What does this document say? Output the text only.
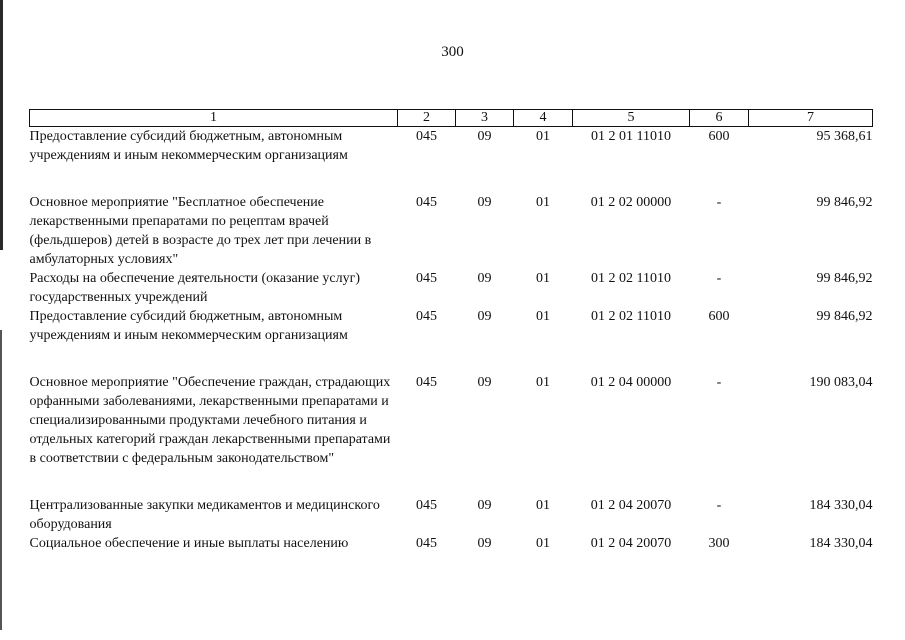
300
1	2	3	4	5	6	7
Предоставление субсидий бюджетным, автономным учреждениям и иным некоммерческим организациям	045	09	01	01 2 01 11010	600	95 368,61
Основное мероприятие "Бесплатное обеспечение лекарственными препаратами по рецептам врачей (фельдшеров) детей в возрасте до трех лет при лечении в амбулаторных условиях"	045	09	01	01 2 02 00000	-	99 846,92
Расходы на обеспечение деятельности (оказание услуг) государственных учреждений	045	09	01	01 2 02 11010	-	99 846,92
Предоставление субсидий бюджетным, автономным учреждениям и иным некоммерческим организациям	045	09	01	01 2 02 11010	600	99 846,92
Основное мероприятие "Обеспечение граждан, страдающих орфанными заболеваниями, лекарственными препаратами и специализированными продуктами лечебного питания и отдельных категорий граждан лекарственными препаратами в соответствии с федеральным законодательством"	045	09	01	01 2 04 00000	-	190 083,04
Централизованные закупки медикаментов и медицинского оборудования	045	09	01	01 2 04 20070	-	184 330,04
Социальное обеспечение и иные выплаты населению	045	09	01	01 2 04 20070	300	184 330,04
